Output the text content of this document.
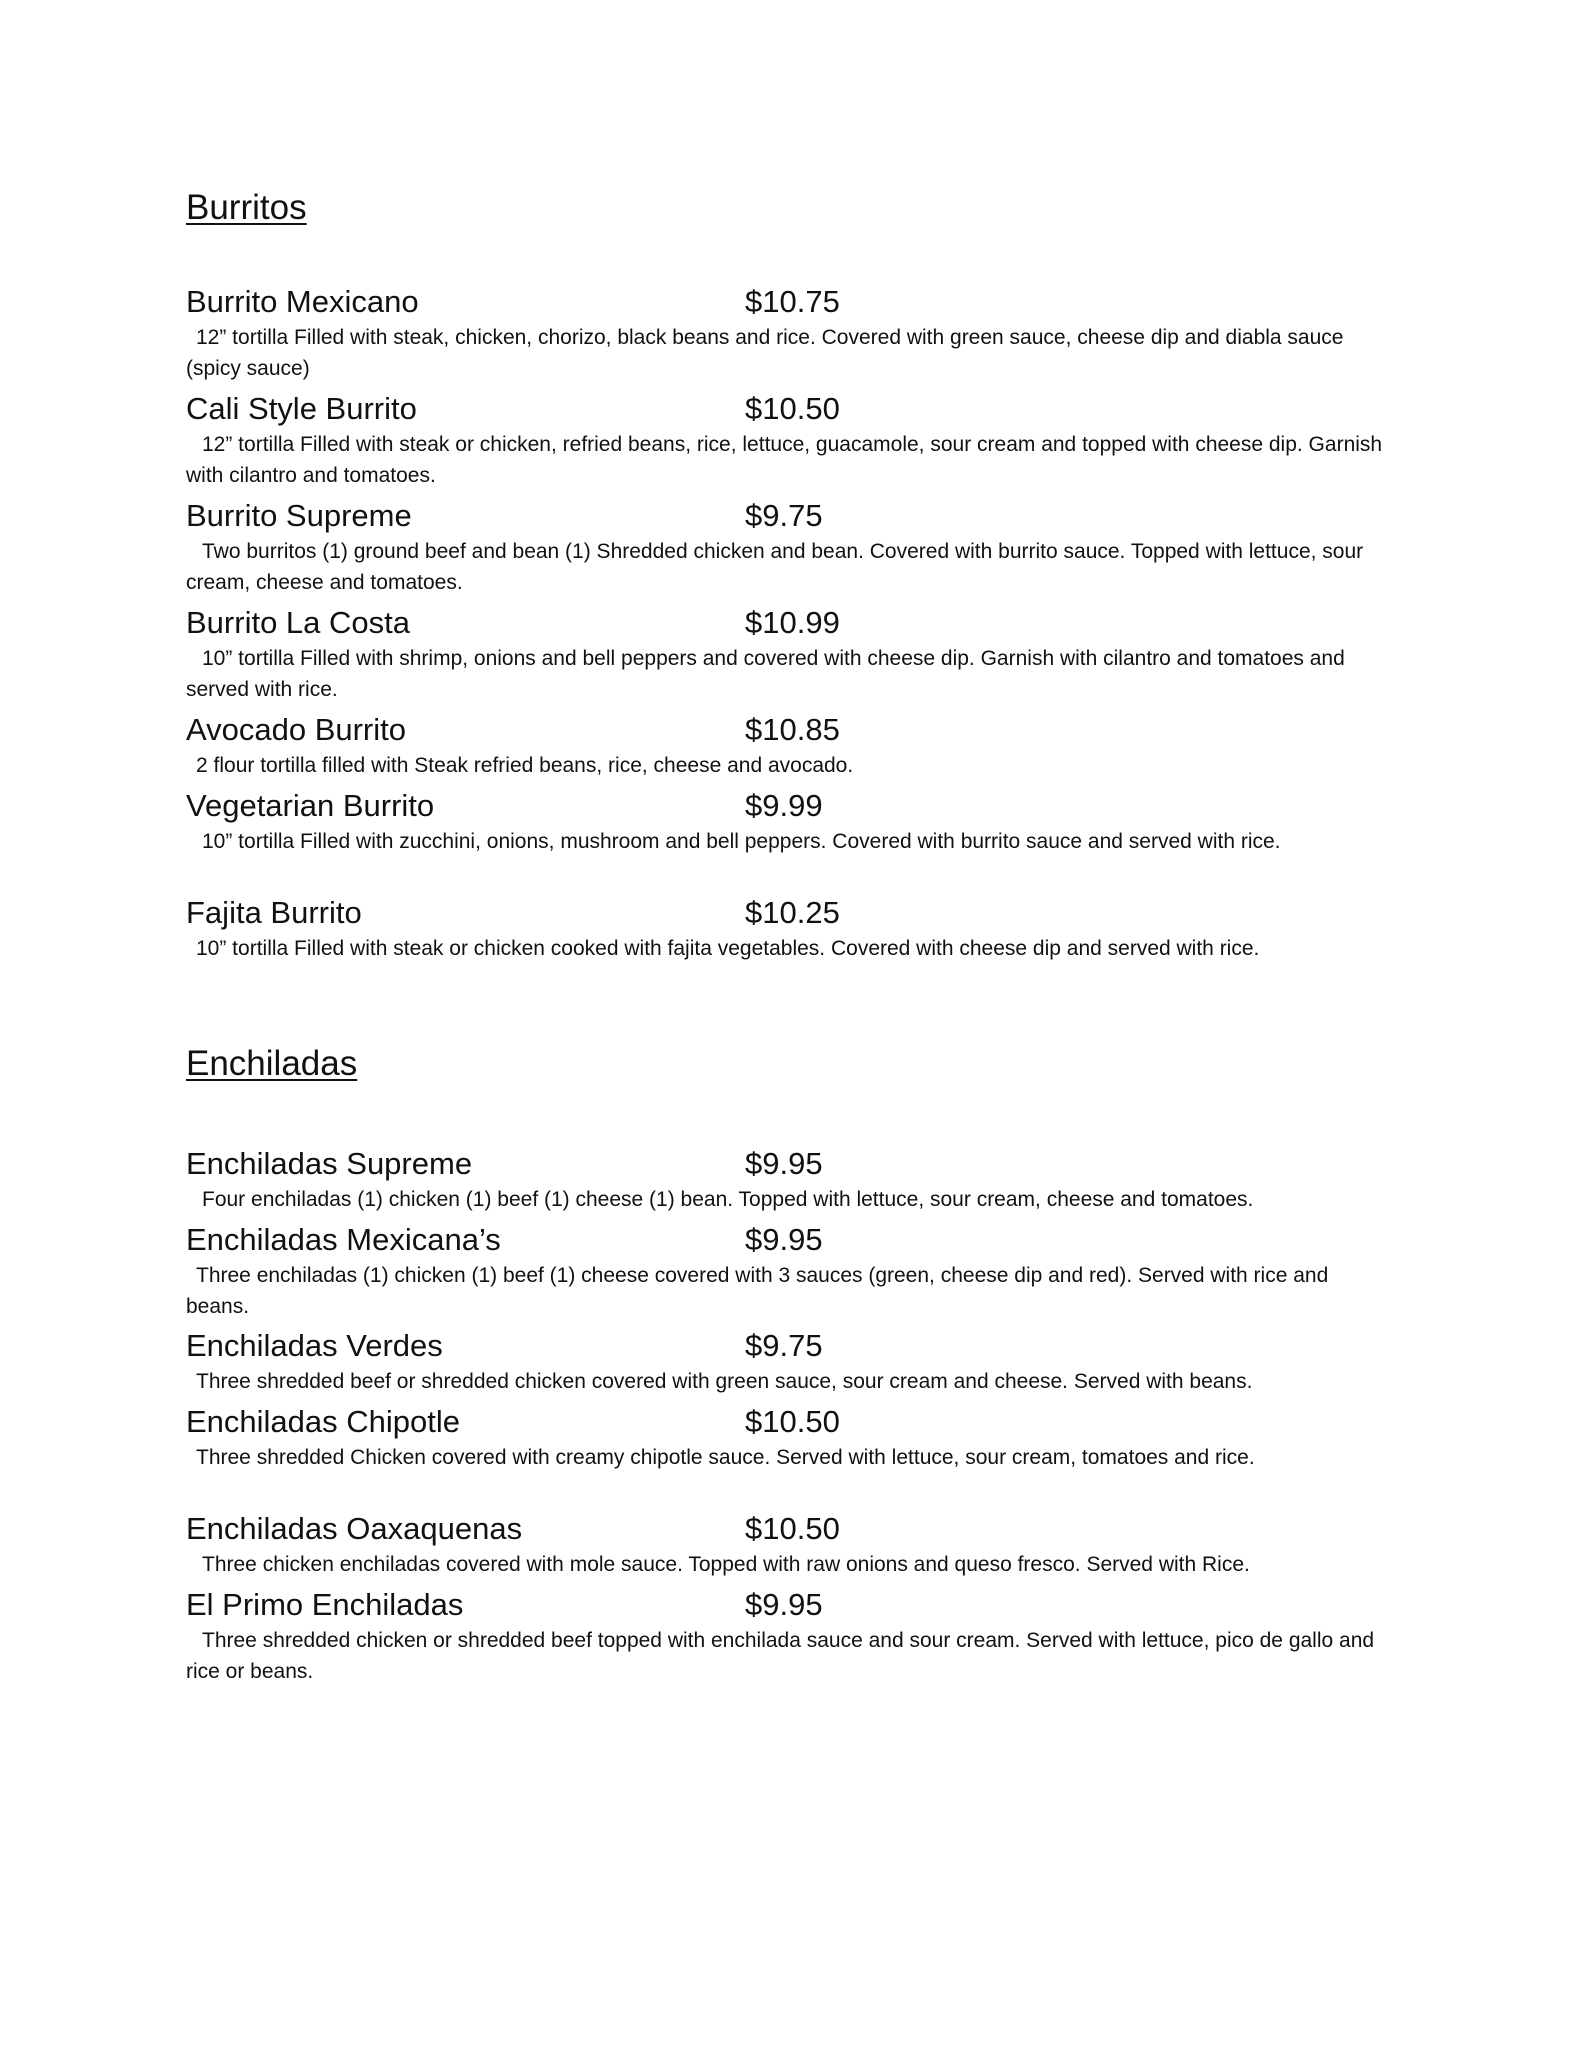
Burritos
Burrito Mexicano	$10.75

12” tortilla Filled with steak, chicken, chorizo, black beans and rice. Covered with green sauce, cheese dip and diabla sauce (spicy sauce)

Cali Style Burrito	$10.50

12” tortilla Filled with steak or chicken, refried beans, rice, lettuce, guacamole, sour cream and topped with cheese dip. Garnish with cilantro and tomatoes.

Burrito Supreme	$9.75

Two burritos (1) ground beef and bean (1) Shredded chicken and bean. Covered with burrito sauce. Topped with lettuce, sour cream, cheese and tomatoes.

Burrito La Costa	$10.99

10” tortilla Filled with shrimp, onions and bell peppers and covered with cheese dip. Garnish with cilantro and tomatoes and served with rice.

Avocado Burrito	$10.85

2 flour tortilla filled with Steak refried beans, rice, cheese and avocado.

Vegetarian Burrito	$9.99

10” tortilla Filled with zucchini, onions, mushroom and bell peppers. Covered with burrito sauce and served with rice.

Fajita Burrito	$10.25

10” tortilla Filled with steak or chicken cooked with fajita vegetables. Covered with cheese dip and served with rice.

Enchiladas
Enchiladas Supreme	$9.95

Four enchiladas (1) chicken (1) beef (1) cheese (1) bean. Topped with lettuce, sour cream, cheese and tomatoes.

Enchiladas Mexicana’s	$9.95

Three enchiladas (1) chicken (1) beef (1) cheese covered with 3 sauces (green, cheese dip and red). Served with rice and beans.

Enchiladas Verdes	$9.75

Three shredded beef or shredded chicken covered with green sauce, sour cream and cheese. Served with beans.

Enchiladas Chipotle	$10.50

Three shredded Chicken covered with creamy chipotle sauce. Served with lettuce, sour cream, tomatoes and rice.

Enchiladas Oaxaquenas	$10.50

Three chicken enchiladas covered with mole sauce. Topped with raw onions and queso fresco. Served with Rice.

El Primo Enchiladas	$9.95

Three shredded chicken or shredded beef topped with enchilada sauce and sour cream. Served with lettuce, pico de gallo and rice or beans.
